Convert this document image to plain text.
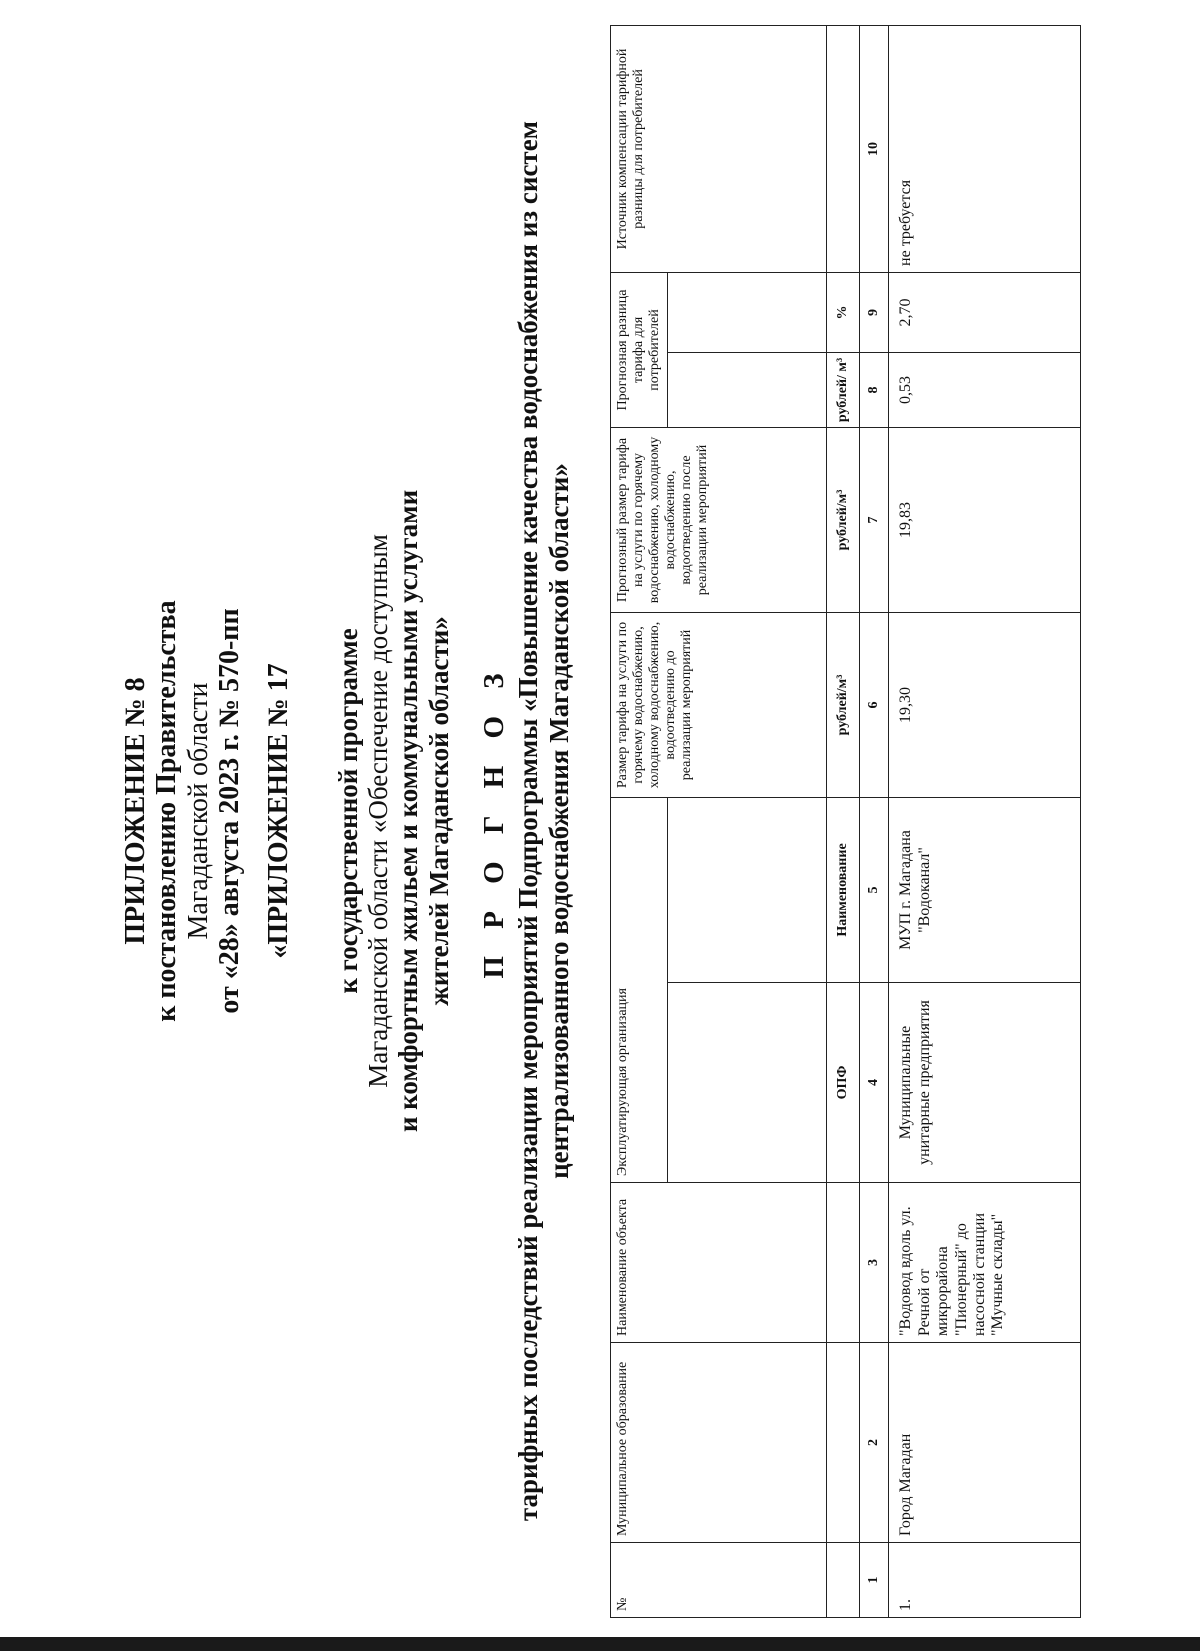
ПРИЛОЖЕНИЕ № 8 к постановлению Правительства Магаданской области от «28» августа 2023 г. № 570-пп «ПРИЛОЖЕНИЕ № 17 к государственной программе Магаданской области «Обеспечение доступным и комфортным жильем и коммунальными услугами жителей Магаданской области» П Р О Г Н О З тарифных последствий реализации мероприятий Подпрограммы «Повышение качества водоснабжения из систем централизованного водоснабжения Магаданской области»
№	Муниципальное образование	Наименование объекта	Эксплуатирующая организация		Размер тарифа на услуги по горячему водоснабжению, холодному водоснабжению, водоотведению до реализации мероприятий	Прогнозный размер тарифа на услуги по горячему водоснабжению, холодному водоснабжению, водоотведению после реализации мероприятий	Прогнозная разница тарифа для потребителей		Источник компенсации тарифной разницы для потребителей

			ОПФ	Наименование	рублей/м³	рублей/м³	рублей/ м³	%	
1	2	3	4	5	6	7	8	9	10
1.	Город Магадан	"Водовод вдоль ул. Речной от микрорайона "Пионерный" до насосной станции "Мучные склады"	Муниципальные унитарные предприятия	МУП г. Магадана "Водоканал"	19,30	19,83	0,53	2,70	не требуется
